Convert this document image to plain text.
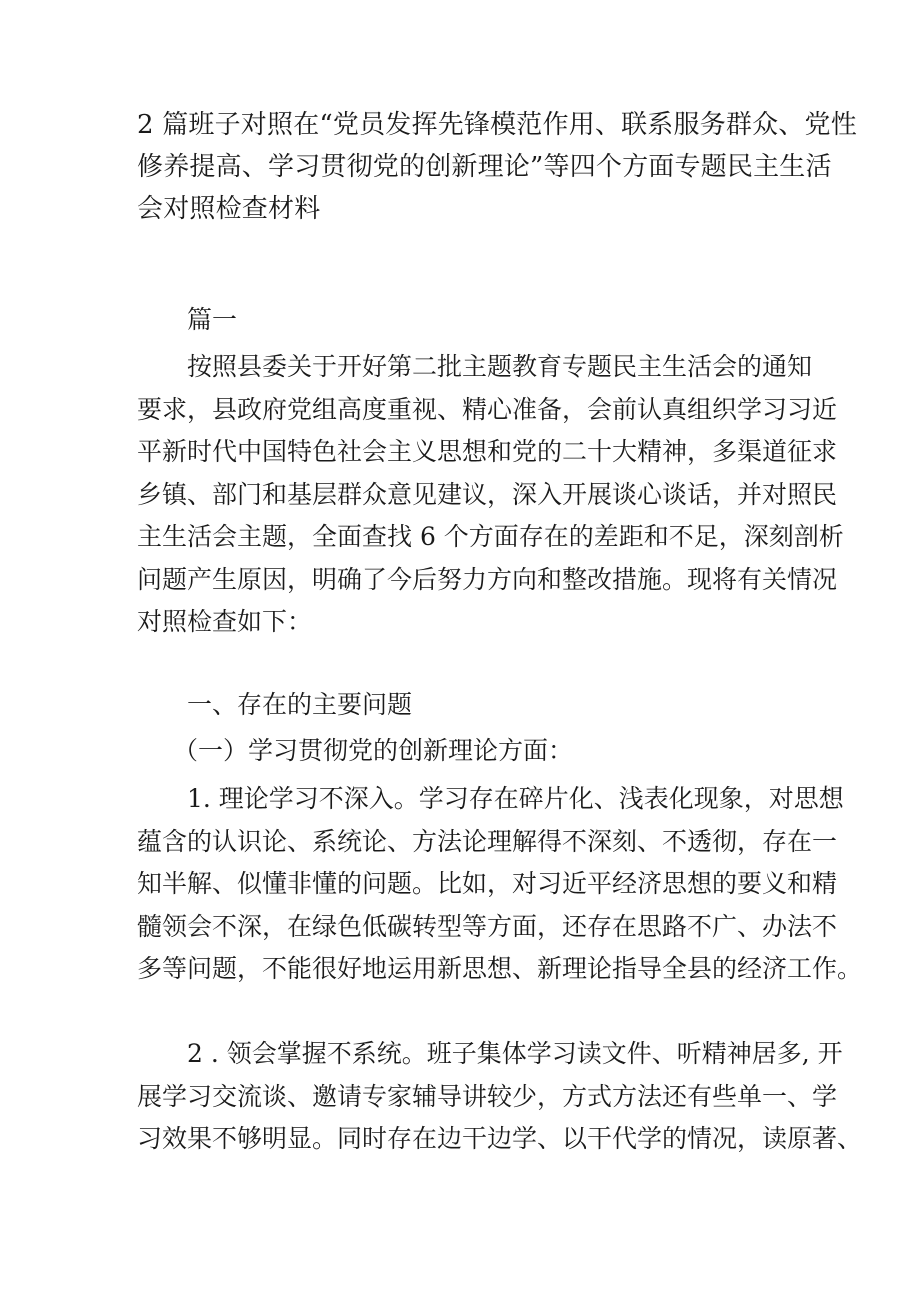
2 篇班子对照在“党员发挥先锋模范作用、联系服务群众、党性
修养提高、学习贯彻党的创新理论”等四个方面专题民主生活
会对照检查材料
篇一

按照县委关于开好第二批主题教育专题民主生活会的通知
要求，县政府党组高度重视、精心准备，会前认真组织学习习近
平新时代中国特色社会主义思想和党的二十大精神，多渠道征求
乡镇、部门和基层群众意见建议，深入开展谈心谈话，并对照民
主生活会主题，全面查找 6 个方面存在的差距和不足，深刻剖析
问题产生原因，明确了今后努力方向和整改措施。现将有关情况
对照检查如下：

一、存在的主要问题

（一）学习贯彻党的创新理论方面：

1. 理论学习不深入。学习存在碎片化、浅表化现象，对思想
蕴含的认识论、系统论、方法论理解得不深刻、不透彻，存在一
知半解、似懂非懂的问题。比如，对习近平经济思想的要义和精
髓领会不深，在绿色低碳转型等方面，还存在思路不广、办法不
多等问题，不能很好地运用新思想、新理论指导全县的经济工作。

2 . 领会掌握不系统。班子集体学习读文件、听精神居多, 开
展学习交流谈、邀请专家辅导讲较少，方式方法还有些单一、学
习效果不够明显。同时存在边干边学、以干代学的情况，读原著、
